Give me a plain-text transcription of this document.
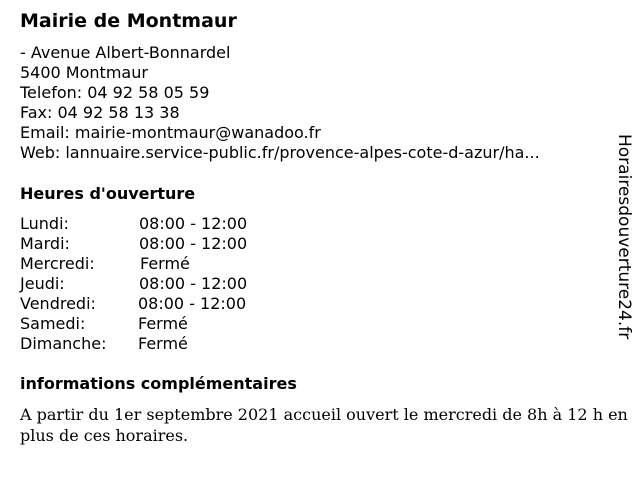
Mairie de Montmaur
- Avenue Albert-Bonnardel
5400 Montmaur
Telefon: 04 92 58 05 59
Fax: 04 92 58 13 38
Email: mairie-montmaur@wanadoo.fr
Web: lannuaire.service-public.fr/provence-alpes-cote-d-azur/ha...
Heures d'ouverture
Lundi:	08:00 - 12:00
Mardi:	08:00 - 12:00
Mercredi:	Fermé
Jeudi:	08:00 - 12:00
Vendredi:	08:00 - 12:00
Samedi:	Fermé
Dimanche: Fermé
informations complémentaires
A partir du 1er septembre 2021 accueil ouvert le mercredi de 8h à 12 h en plus de ces horaires.
Horairesdouverture24.fr
